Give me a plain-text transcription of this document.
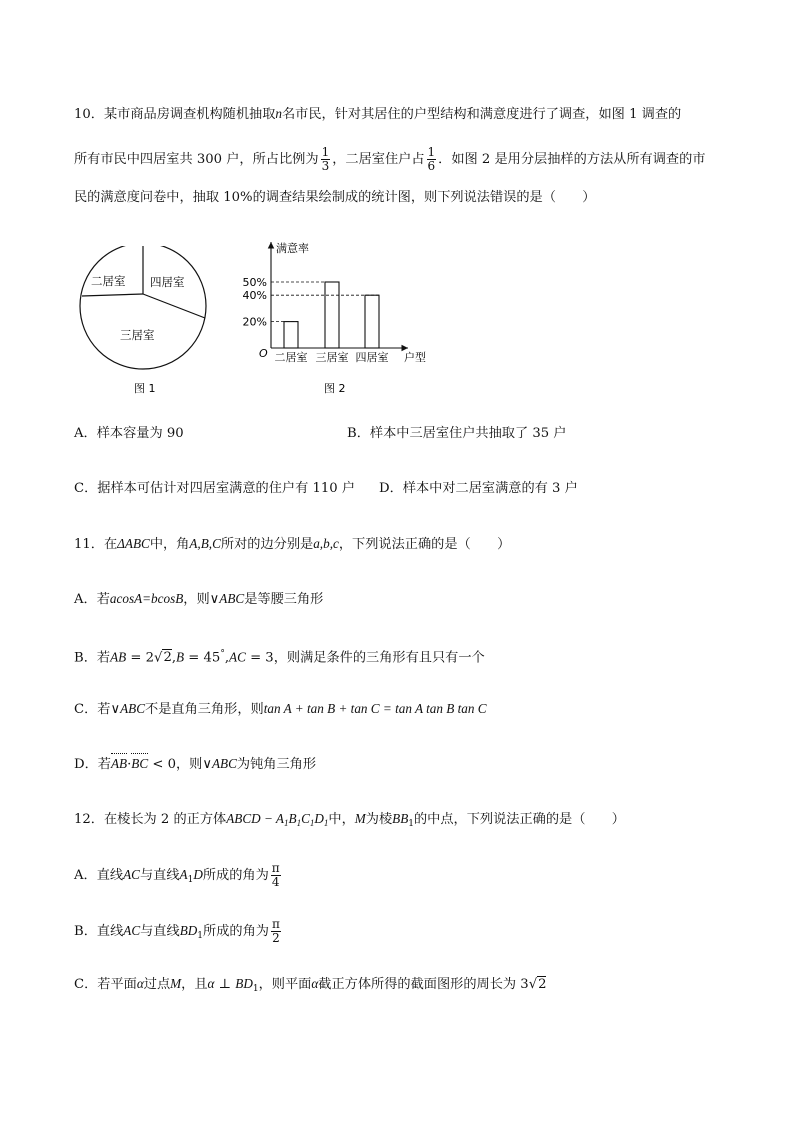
10．某市商品房调查机构随机抽取n名市民，针对其居住的户型结构和满意度进行了调查，如图 1 调查的
所有市民中四居室共 300 户，所占比例为 $\frac{1}{3}$ ，二居室住户占 $\frac{1}{6}$ ．如图 2 是用分层抽样的方法从所有调查的市
民的满意度问卷中，抽取 10%的调查结果绘制成的统计图，则下列说法错误的是（　　）
二居室 四居室
三居室
图 1
满意率
户型
O
20%
40%
50%
二居室 三居室 四居室
图 2
A．样本容量为 90	B．样本中三居室住户共抽取了 35 户
C．据样本可估计对四居室满意的住户有 110 户 D．样本中对二居室满意的有 3 户
11．在ΔABC中，角A,B,C所对的边分别是a,b,c，下列说法正确的是（　　）
A．若acosA=bcosB，则∨ABC是等腰三角形
B．若AB = 2√2,B = 45°,AC = 3，则满足条件的三角形有且只有一个
C．若∨ABC不是直角三角形，则tan A + tan B + tan C = tan A tan B tan C
D．若AB·BC < 0，则∨ABC为钝角三角形
12．在棱长为 2 的正方体ABCD − $A_1B_1C_1D_1$中，M为棱$BB_1$的中点，下列说法正确的是（　　）
A．直线AC与直线$A_1D$所成的角为 $\frac{\pi}{4}$
B．直线AC与直线$BD_1$所成的角为 $\frac{\pi}{2}$
C．若平面α过点M，且α ⊥ $BD_1$，则平面α截正方体所得的截面图形的周长为 3√2
